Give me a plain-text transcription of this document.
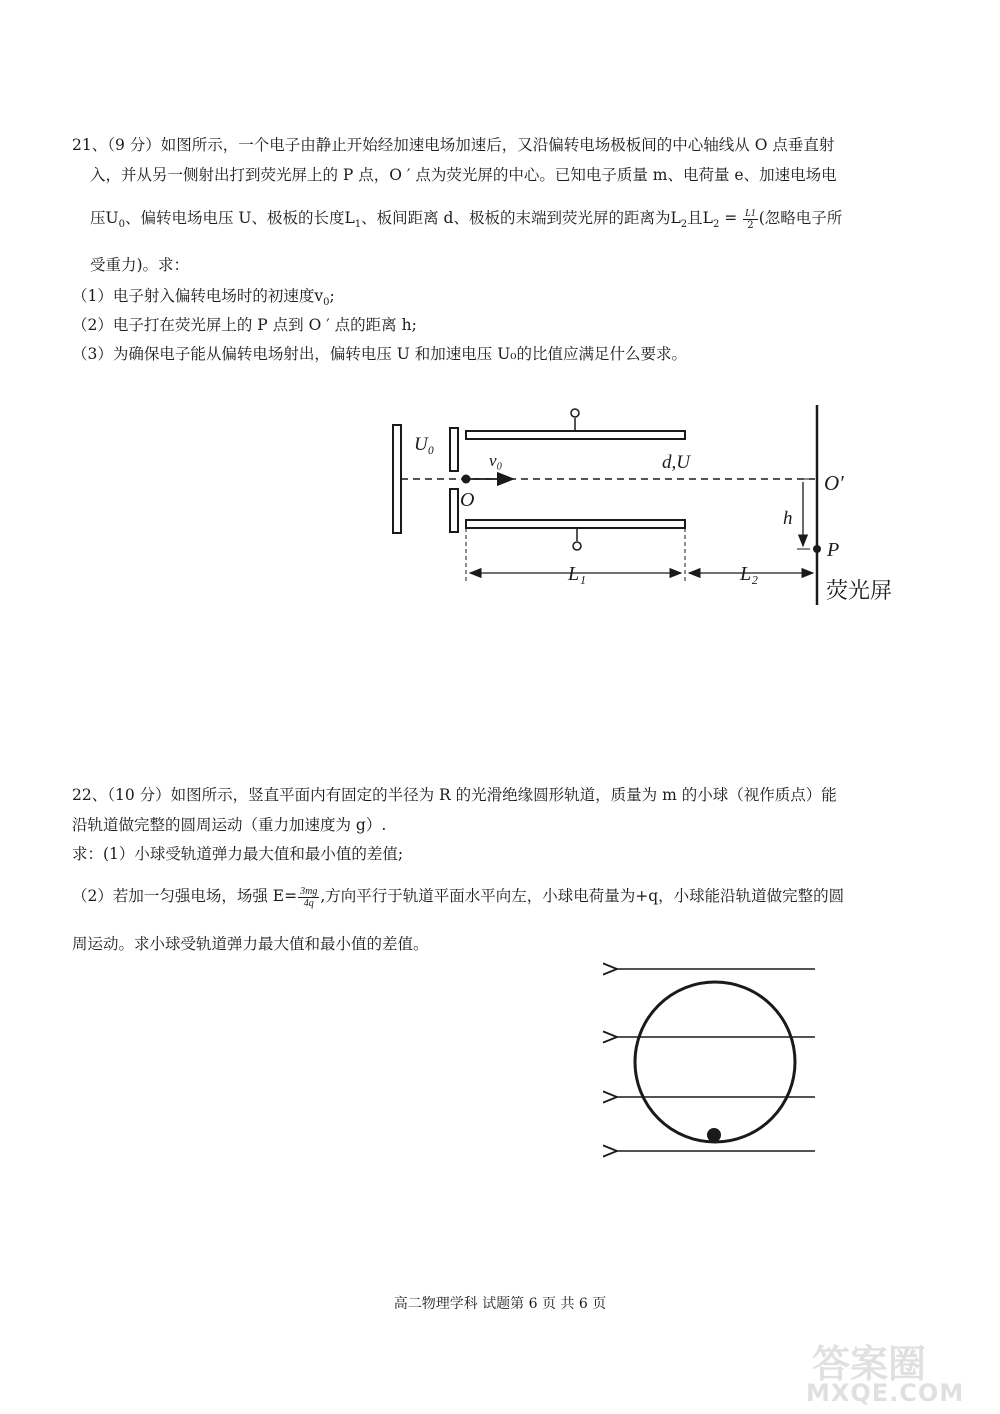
21、（9 分）如图所示，一个电子由静止开始经加速电场加速后，又沿偏转电场极板间的中心轴线从 O 点垂直射
入，并从另一侧射出打到荧光屏上的 P 点，O ′ 点为荧光屏的中心。已知电子质量 m、电荷量 e、加速电场电
压$U_0$、偏转电场电压 U、极板的长度$L_1$、板间距离 d、极板的末端到荧光屏的距离为$L_2$且$L_2 = \frac{L1}{2}$ (忽略电子所
受重力)。求：
（1）电子射入偏转电场时的初速度$v_0$;
（2）电子打在荧光屏上的 P 点到 O ′ 点的距离 h;
（3）为确保电子能从偏转电场射出，偏转电压 U 和加速电压 U₀的比值应满足什么要求。
U₀
v₀	d,U
O
O′
h
P
L₁	L₂
荧光屏
22、（10 分）如图所示，竖直平面内有固定的半径为 R 的光滑绝缘圆形轨道，质量为 m 的小球（视作质点）能
沿轨道做完整的圆周运动（重力加速度为 g）.
求：(1）小球受轨道弹力最大值和最小值的差值;
（2）若加一匀强电场，场强 $E= \frac{3mg}{4q}$ ,方向平行于轨道平面水平向左，小球电荷量为+q，小球能沿轨道做完整的圆
周运动。求小球受轨道弹力最大值和最小值的差值。
高二物理学科 试题第 6 页 共 6 页
答案圈
MXQE.COM
